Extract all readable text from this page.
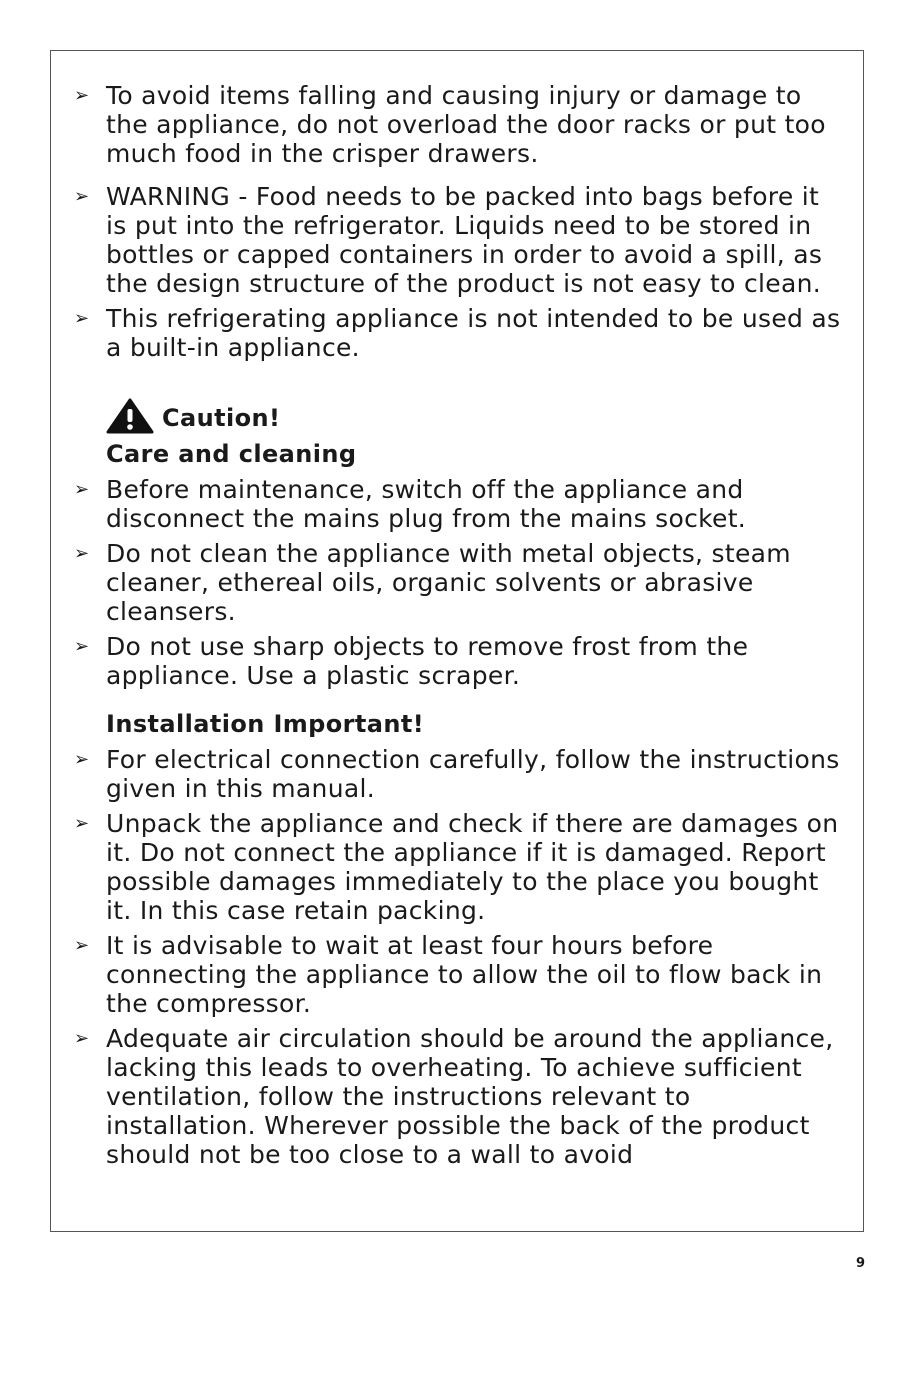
➢ To avoid items falling and causing injury or damage to the appliance, do not overload the door racks or put too much food in the crisper drawers.
➢ WARNING - Food needs to be packed into bags before it is put into the refrigerator. Liquids need to be stored in bottles or capped containers in order to avoid a spill, as the design structure of the product is not easy to clean.
➢ This refrigerating appliance is not intended to be used as a built-in appliance.
Caution!
Care and cleaning
➢ Before maintenance, switch off the appliance and disconnect the mains plug from the mains socket.
➢ Do not clean the appliance with metal objects, steam cleaner, ethereal oils, organic solvents or abrasive cleansers.
➢ Do not use sharp objects to remove frost from the appliance. Use a plastic scraper.
Installation Important!
➢ For electrical connection carefully, follow the instructions given in this manual.
➢ Unpack the appliance and check if there are damages on it. Do not connect the appliance if it is damaged. Report possible damages immediately to the place you bought it. In this case retain packing.
➢ It is advisable to wait at least four hours before connecting the appliance to allow the oil to flow back in the compressor.
➢ Adequate air circulation should be around the appliance, lacking this leads to overheating. To achieve sufficient ventilation, follow the instructions relevant to installation. Wherever possible the back of the product should not be too close to a wall to avoid
9
